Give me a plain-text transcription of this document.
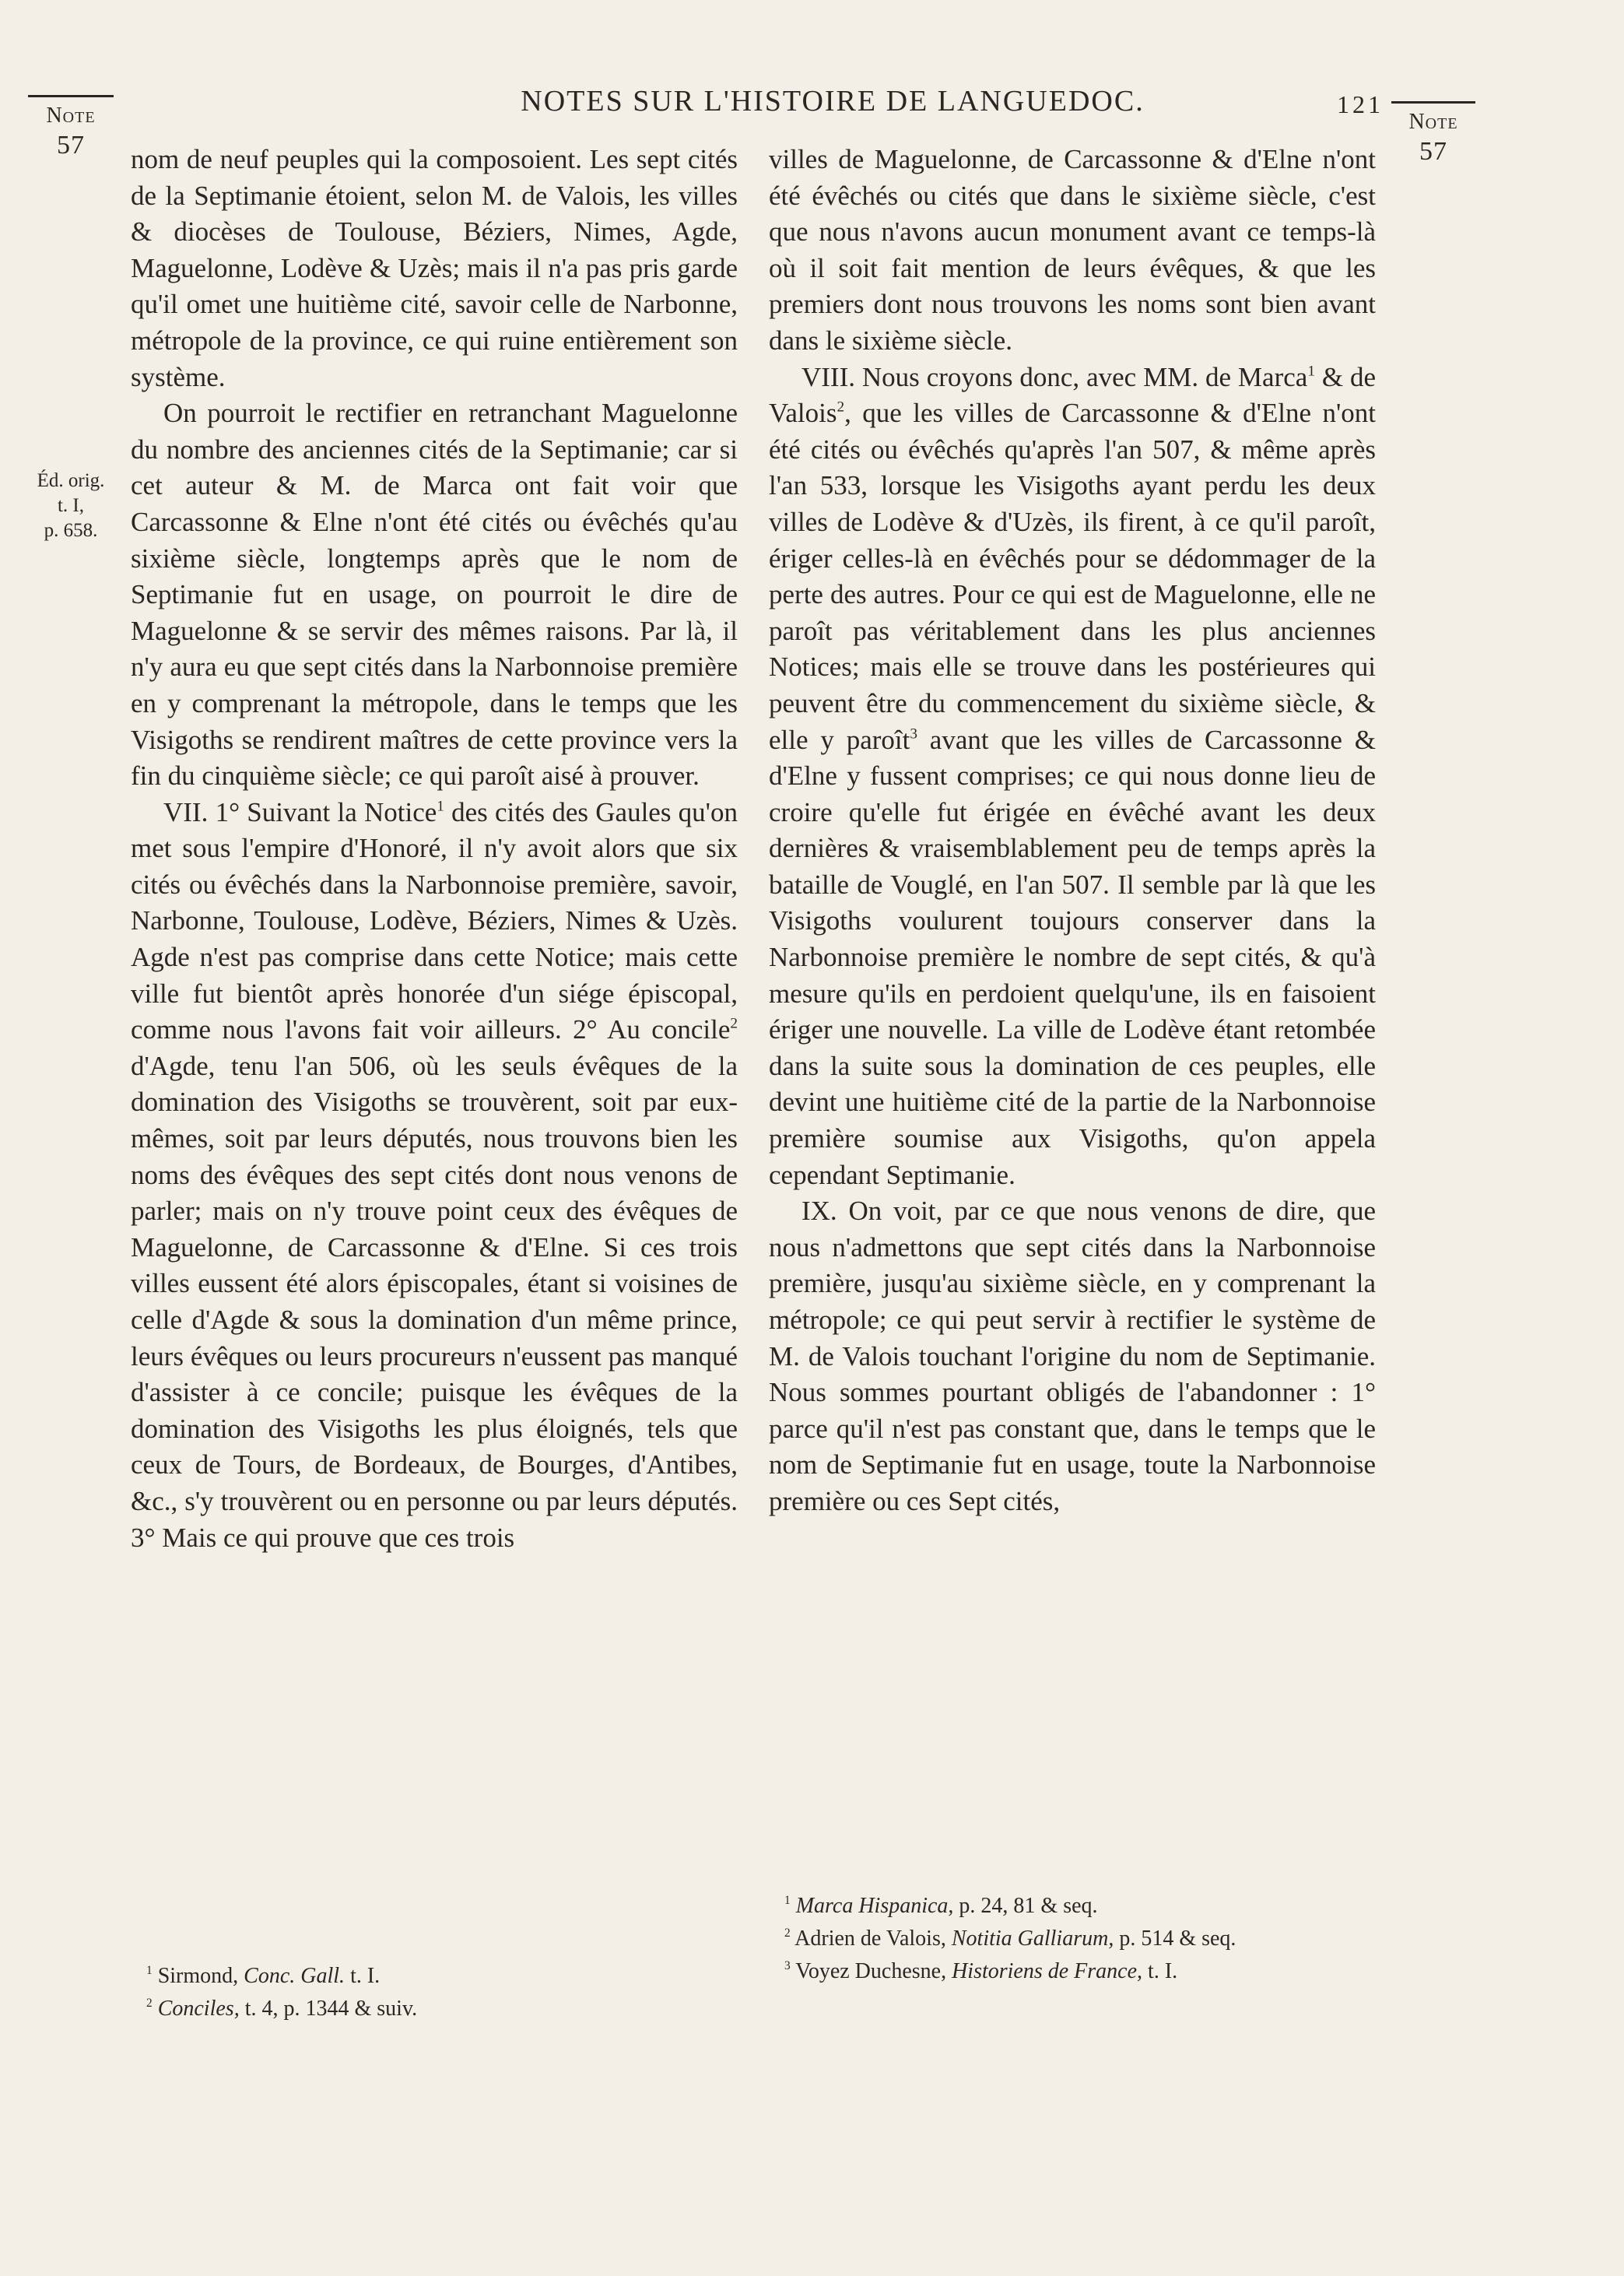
Note
57
NOTES SUR L'HISTOIRE DE LANGUEDOC.	121
Note
57
Éd. orig.
t. I,
p. 658.

nom de neuf peuples qui la composoient. Les sept cités de la Septimanie étoient, selon M. de Valois, les villes & diocèses de Toulouse, Béziers, Nimes, Agde, Maguelonne, Lodève & Uzès; mais il n'a pas pris garde qu'il omet une huitième cité, savoir celle de Narbonne, métropole de la province, ce qui ruine entièrement son système.

On pourroit le rectifier en retranchant Maguelonne du nombre des anciennes cités de la Septimanie; car si cet auteur & M. de Marca ont fait voir que Carcassonne & Elne n'ont été cités ou évêchés qu'au sixième siècle, longtemps après que le nom de Septimanie fut en usage, on pourroit le dire de Maguelonne & se servir des mêmes raisons. Par là, il n'y aura eu que sept cités dans la Narbonnoise première en y comprenant la métropole, dans le temps que les Visigoths se rendirent maîtres de cette province vers la fin du cinquième siècle; ce qui paroît aisé à prouver.

VII. 1° Suivant la Notice$^1$ des cités des Gaules qu'on met sous l'empire d'Honoré, il n'y avoit alors que six cités ou évêchés dans la Narbonnoise première, savoir, Narbonne, Toulouse, Lodève, Béziers, Nimes & Uzès. Agde n'est pas comprise dans cette Notice; mais cette ville fut bientôt après honorée d'un siége épiscopal, comme nous l'avons fait voir ailleurs. 2° Au concile$^2$ d'Agde, tenu l'an 506, où les seuls évêques de la domination des Visigoths se trouvèrent, soit par eux-mêmes, soit par leurs députés, nous trouvons bien les noms des évêques des sept cités dont nous venons de parler; mais on n'y trouve point ceux des évêques de Maguelonne, de Carcassonne & d'Elne. Si ces trois villes eussent été alors épiscopales, étant si voisines de celle d'Agde & sous la domination d'un même prince, leurs évêques ou leurs procureurs n'eussent pas manqué d'assister à ce concile; puisque les évêques de la domination des Visigoths les plus éloignés, tels que ceux de Tours, de Bordeaux, de Bourges, d'Antibes, &c., s'y trouvèrent ou en personne ou par leurs députés. 3° Mais ce qui prouve que ces trois

villes de Maguelonne, de Carcassonne & d'Elne n'ont été évêchés ou cités que dans le sixième siècle, c'est que nous n'avons aucun monument avant ce temps-là où il soit fait mention de leurs évêques, & que les premiers dont nous trouvons les noms sont bien avant dans le sixième siècle.

VIII. Nous croyons donc, avec MM. de Marca$^1$ & de Valois$^2$, que les villes de Carcassonne & d'Elne n'ont été cités ou évêchés qu'après l'an 507, & même après l'an 533, lorsque les Visigoths ayant perdu les deux villes de Lodève & d'Uzès, ils firent, à ce qu'il paroît, ériger celles-là en évêchés pour se dédommager de la perte des autres. Pour ce qui est de Maguelonne, elle ne paroît pas véritablement dans les plus anciennes Notices; mais elle se trouve dans les postérieures qui peuvent être du commencement du sixième siècle, & elle y paroît$^3$ avant que les villes de Carcassonne & d'Elne y fussent comprises; ce qui nous donne lieu de croire qu'elle fut érigée en évêché avant les deux dernières & vraisemblablement peu de temps après la bataille de Vouglé, en l'an 507. Il semble par là que les Visigoths voulurent toujours conserver dans la Narbonnoise première le nombre de sept cités, & qu'à mesure qu'ils en perdoient quelqu'une, ils en faisoient ériger une nouvelle. La ville de Lodève étant retombée dans la suite sous la domination de ces peuples, elle devint une huitième cité de la partie de la Narbonnoise première soumise aux Visigoths, qu'on appela cependant Septimanie.

IX. On voit, par ce que nous venons de dire, que nous n'admettons que sept cités dans la Narbonnoise première, jusqu'au sixième siècle, en y comprenant la métropole; ce qui peut servir à rectifier le système de M. de Valois touchant l'origine du nom de Septimanie. Nous sommes pourtant obligés de l'abandonner : 1° parce qu'il n'est pas constant que, dans le temps que le nom de Septimanie fut en usage, toute la Narbonnoise première ou ces Sept cités,

$^1$ Sirmond, Conc. Gall. t. I.

$^2$ Conciles, t. 4, p. 1344 & suiv.

$^1$ Marca Hispanica, p. 24, 81 & seq.

$^2$ Adrien de Valois, Notitia Galliarum, p. 514 & seq.

$^3$ Voyez Duchesne, Historiens de France, t. I.
